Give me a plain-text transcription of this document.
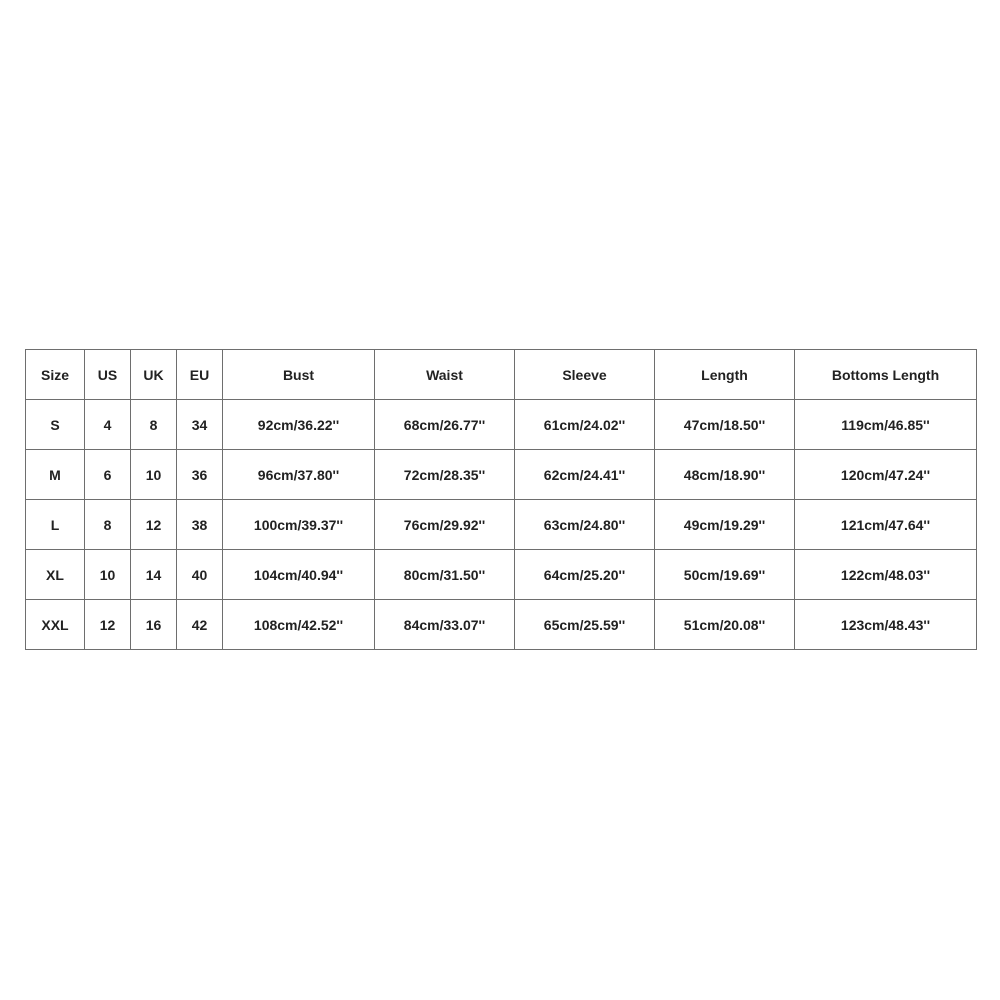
Size	US	UK	EU	Bust	Waist	Sleeve	Length	Bottoms Length
S	4	8	34	92cm/36.22''	68cm/26.77''	61cm/24.02''	47cm/18.50''	119cm/46.85''
M	6	10	36	96cm/37.80''	72cm/28.35''	62cm/24.41''	48cm/18.90''	120cm/47.24''
L	8	12	38	100cm/39.37''	76cm/29.92''	63cm/24.80''	49cm/19.29''	121cm/47.64''
XL	10	14	40	104cm/40.94''	80cm/31.50''	64cm/25.20''	50cm/19.69''	122cm/48.03''
XXL	12	16	42	108cm/42.52''	84cm/33.07''	65cm/25.59''	51cm/20.08''	123cm/48.43''
